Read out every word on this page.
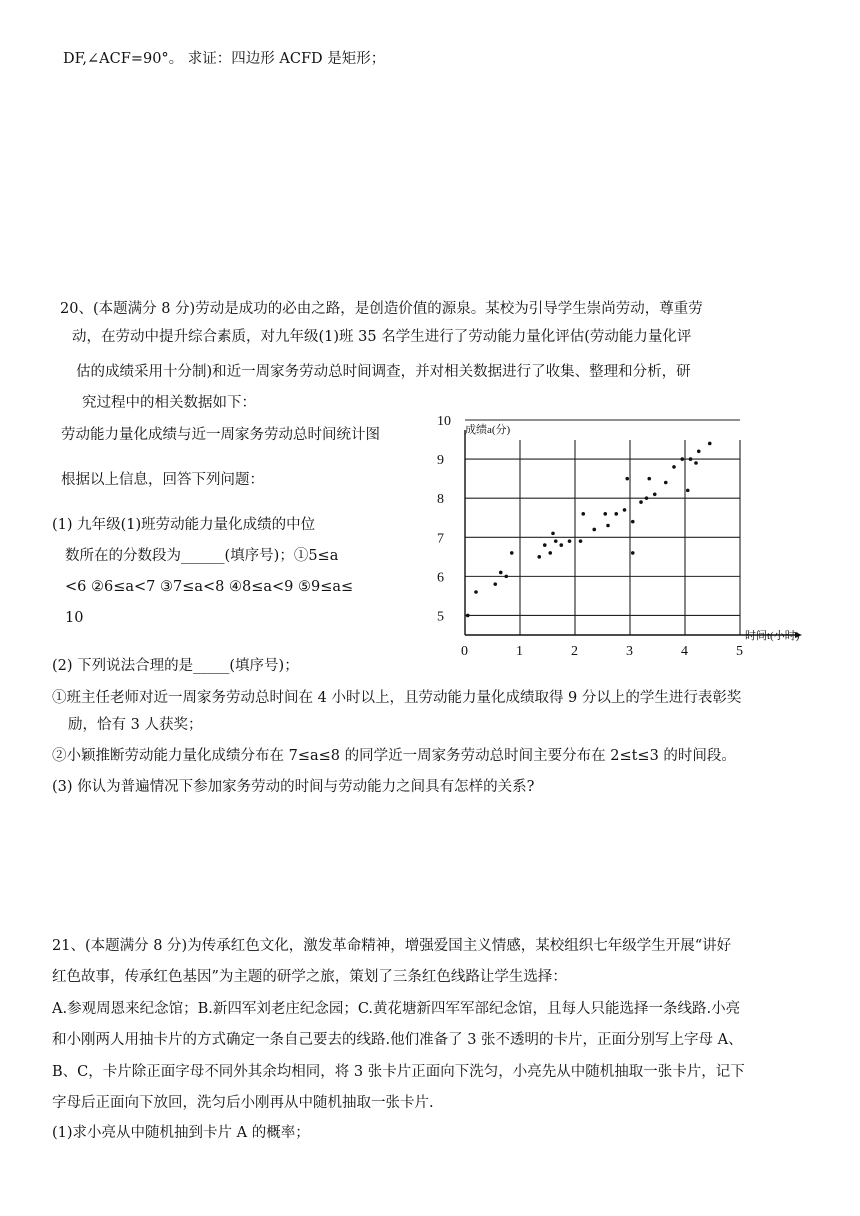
DF,∠ACF=90°。 求证：四边形 ACFD 是矩形；
20、(本题满分 8 分)劳动是成功的必由之路，是创造价值的源泉。某校为引导学生崇尚劳动，尊重劳
动，在劳动中提升综合素质，对九年级(1)班 35 名学生进行了劳动能力量化评估(劳动能力量化评
估的成绩采用十分制)和近一周家务劳动总时间调查，并对相关数据进行了收集、整理和分析，研
究过程中的相关数据如下：
劳动能力量化成绩与近一周家务劳动总时间统计图
根据以上信息，回答下列问题：
(1) 九年级(1)班劳动能力量化成绩的中位
数所在的分数段为______(填序号)；①5≤a
<6 ②6≤a<7 ③7≤a<8 ④8≤a<9 ⑤9≤a≤
10
(2) 下列说法合理的是_____(填序号)；
①班主任老师对近一周家务劳动总时间在 4 小时以上，且劳动能力量化成绩取得 9 分以上的学生进行表彰奖
励，恰有 3 人获奖；
②小颖推断劳动能力量化成绩分布在 7≤a≤8 的同学近一周家务劳动总时间主要分布在 2≤t≤3 的时间段。
(3) 你认为普遍情况下参加家务劳动的时间与劳动能力之间具有怎样的关系?
0	1	2	3	4	5
5
6
7
8
9
10
成绩a(分)
时间t(小时)
21、(本题满分 8 分)为传承红色文化，激发革命精神，增强爱国主义情感，某校组织七年级学生开展“讲好
红色故事，传承红色基因”为主题的研学之旅，策划了三条红色线路让学生选择：
A.参观周恩来纪念馆；B.新四军刘老庄纪念园；C.黄花塘新四军军部纪念馆，且每人只能选择一条线路.小亮
和小刚两人用抽卡片的方式确定一条自己要去的线路.他们准备了 3 张不透明的卡片，正面分别写上字母 A、
B、C，卡片除正面字母不同外其余均相同，将 3 张卡片正面向下洗匀，小亮先从中随机抽取一张卡片，记下
字母后正面向下放回，洗匀后小刚再从中随机抽取一张卡片.
(1)求小亮从中随机抽到卡片 A 的概率；
